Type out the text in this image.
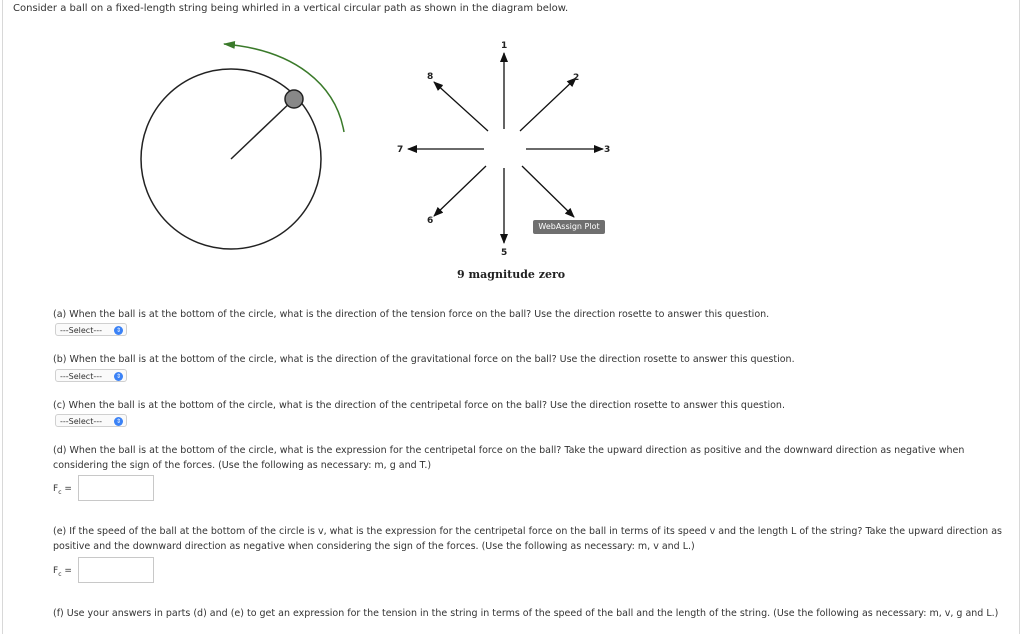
Consider a ball on a fixed-length string being whirled in a vertical circular path as shown in the diagram below.
1
2
3
5
6
7
8
WebAssign Plot
9 magnitude zero
(a) When the ball is at the bottom of the circle, what is the direction of the tension force on the ball? Use the direction rosette to answer this question.
---Select---	⇕
(b) When the ball is at the bottom of the circle, what is the direction of the gravitational force on the ball? Use the direction rosette to answer this question.
---Select---	⇕
(c) When the ball is at the bottom of the circle, what is the direction of the centripetal force on the ball? Use the direction rosette to answer this question.
---Select---	⇕
(d) When the ball is at the bottom of the circle, what is the expression for the centripetal force on the ball? Take the upward direction as positive and the downward direction as negative when considering the sign of the forces. (Use the following as necessary: m, g and T.)
$F_c$ =
(e) If the speed of the ball at the bottom of the circle is v, what is the expression for the centripetal force on the ball in terms of its speed v and the length L of the string? Take the upward direction as positive and the downward direction as negative when considering the sign of the forces. (Use the following as necessary: m, v and L.)
$F_c$ =
(f) Use your answers in parts (d) and (e) to get an expression for the tension in the string in terms of the speed of the ball and the length of the string. (Use the following as necessary: m, v, g and L.)
